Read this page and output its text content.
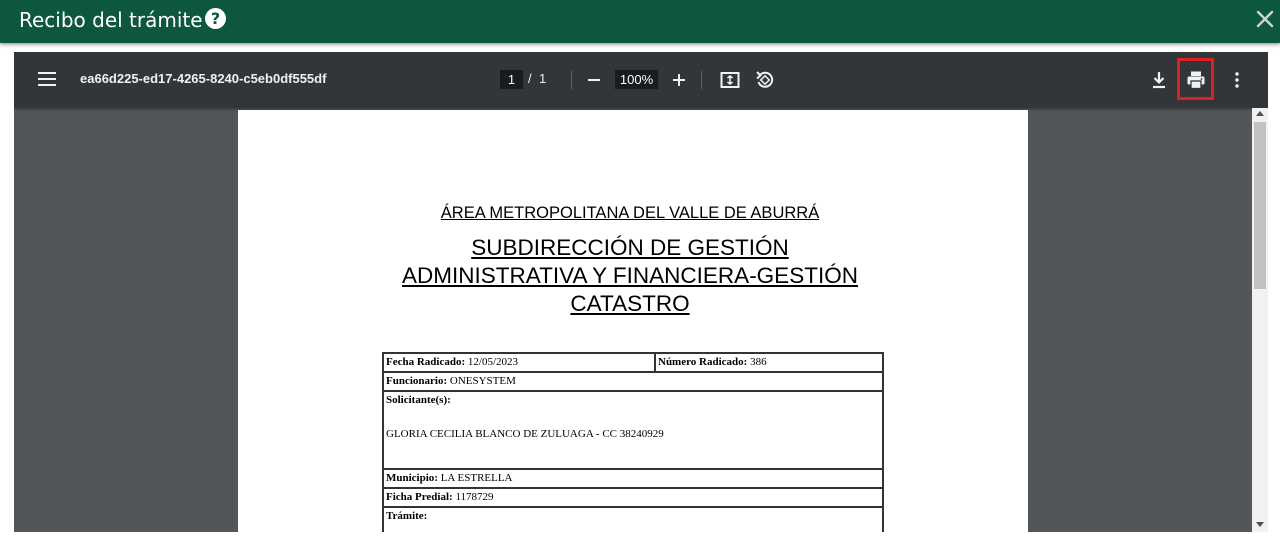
Recibo del trámite ?
ea66d225-ed17-4265-8240-c5eb0df555df	1 / 1	100%
ÁREA METROPOLITANA DEL VALLE DE ABURRÁ
SUBDIRECCIÓN DE GESTIÓN
ADMINISTRATIVA Y FINANCIERA-GESTIÓN
CATASTRO
Fecha Radicado: 12/05/2023	Número Radicado: 386
Funcionario: ONESYSTEM

Solicitante(s):
GLORIA CECILIA BLANCO DE ZULUAGA - CC 38240929

Municipio: LA ESTRELLA
Ficha Predial: 1178729
Trámite:
